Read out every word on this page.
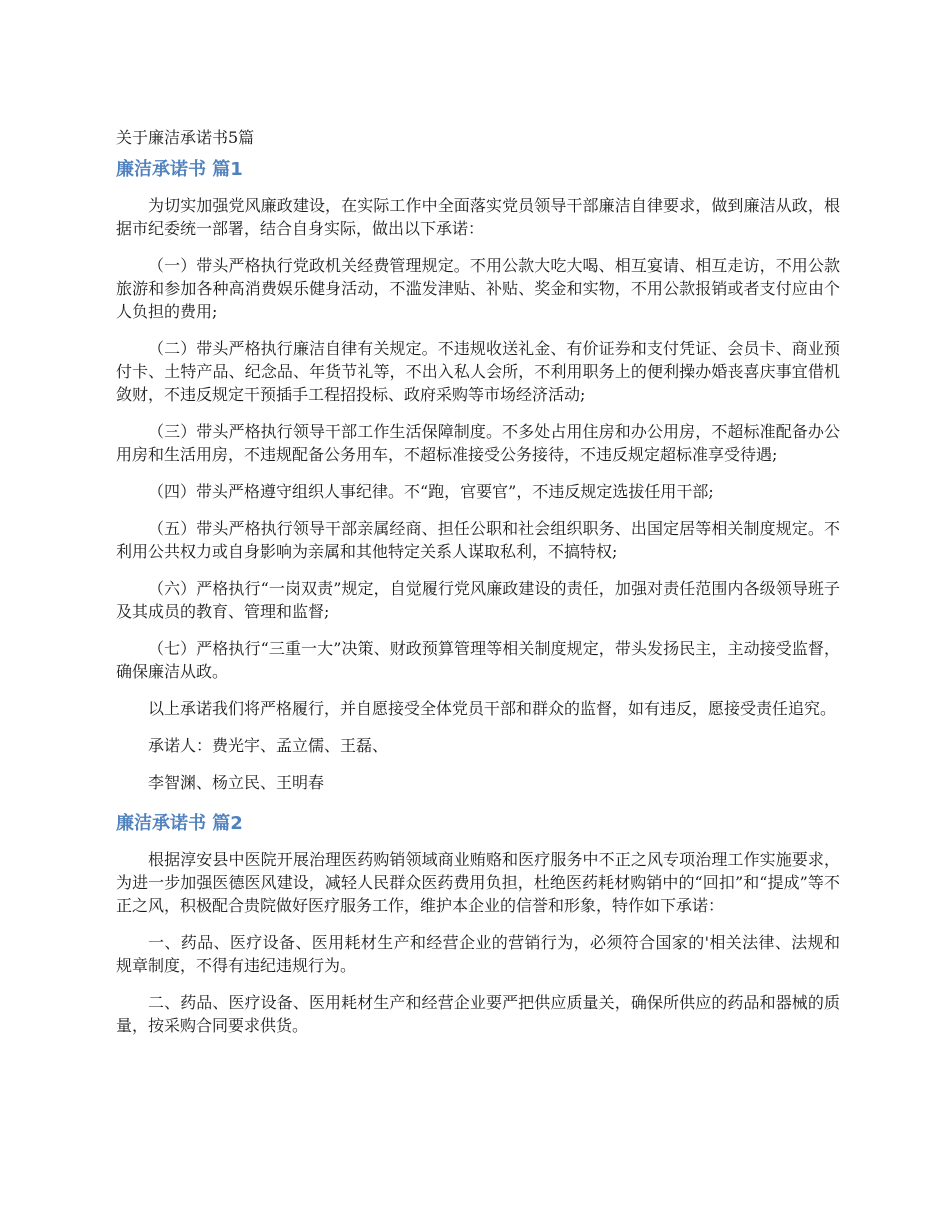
关于廉洁承诺书5篇
廉洁承诺书 篇1

为切实加强党风廉政建设，在实际工作中全面落实党员领导干部廉洁自律要求，做到廉洁从政，根据市纪委统一部署，结合自身实际，做出以下承诺：

（一）带头严格执行党政机关经费管理规定。不用公款大吃大喝、相互宴请、相互走访，不用公款旅游和参加各种高消费娱乐健身活动，不滥发津贴、补贴、奖金和实物，不用公款报销或者支付应由个人负担的费用;

（二）带头严格执行廉洁自律有关规定。不违规收送礼金、有价证券和支付凭证、会员卡、商业预付卡、土特产品、纪念品、年货节礼等，不出入私人会所，不利用职务上的便利操办婚丧喜庆事宜借机敛财，不违反规定干预插手工程招投标、政府采购等市场经济活动;

（三）带头严格执行领导干部工作生活保障制度。不多处占用住房和办公用房，不超标准配备办公用房和生活用房，不违规配备公务用车，不超标准接受公务接待，不违反规定超标准享受待遇;

（四）带头严格遵守组织人事纪律。不“跑，官要官”，不违反规定选拔任用干部;

（五）带头严格执行领导干部亲属经商、担任公职和社会组织职务、出国定居等相关制度规定。不利用公共权力或自身影响为亲属和其他特定关系人谋取私利，不搞特权;

（六）严格执行“一岗双责”规定，自觉履行党风廉政建设的责任，加强对责任范围内各级领导班子及其成员的教育、管理和监督;

（七）严格执行“三重一大”决策、财政预算管理等相关制度规定，带头发扬民主，主动接受监督，确保廉洁从政。

以上承诺我们将严格履行，并自愿接受全体党员干部和群众的监督，如有违反，愿接受责任追究。

承诺人：费光宇、孟立儒、王磊、

李智渊、杨立民、王明春

廉洁承诺书 篇2

根据淳安县中医院开展治理医药购销领域商业贿赂和医疗服务中不正之风专项治理工作实施要求，为进一步加强医德医风建设，减轻人民群众医药费用负担，杜绝医药耗材购销中的“回扣”和“提成”等不正之风，积极配合贵院做好医疗服务工作，维护本企业的信誉和形象，特作如下承诺：

一、药品、医疗设备、医用耗材生产和经营企业的营销行为，必须符合国家的'相关法律、法规和规章制度，不得有违纪违规行为。

二、药品、医疗设备、医用耗材生产和经营企业要严把供应质量关，确保所供应的药品和器械的质量，按采购合同要求供货。
